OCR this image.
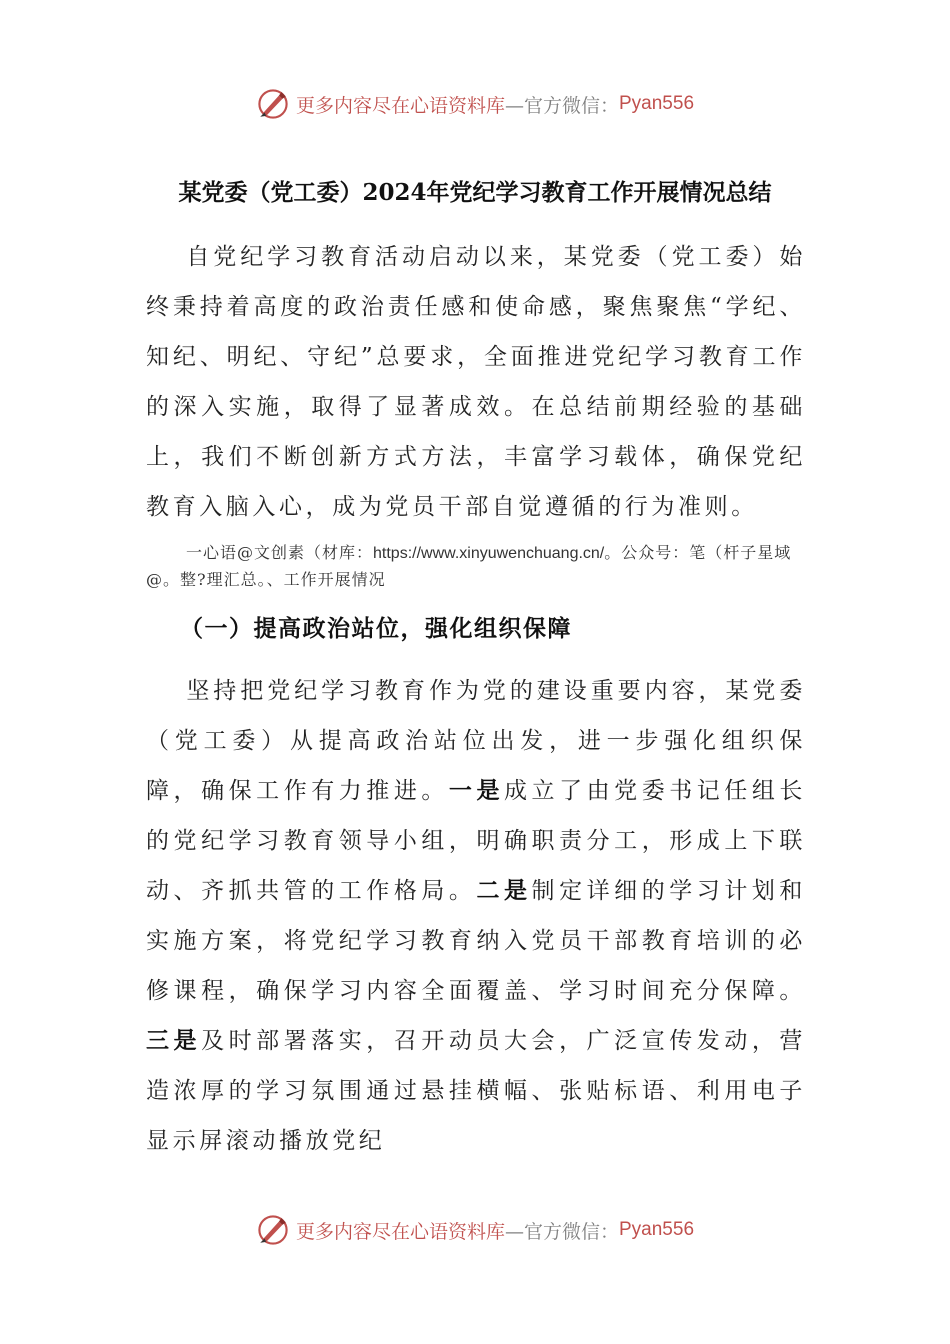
更多内容尽在心语资料库 —官方微信： Pyan556
某党委（党工委）2024年党纪学习教育工作开展情况总结

自党纪学习教育活动启动以来，某党委（党工委）始终秉持着高度的政治责任感和使命感，聚焦聚焦“学纪、知纪、明纪、守纪”总要求，全面推进党纪学习教育工作的深入实施，取得了显著成效。在总结前期经验的基础上，我们不断创新方式方法，丰富学习载体，确保党纪教育入脑入心，成为党员干部自觉遵循的行为准则。

一心语@文创素（材库：https://www.xinyuwenchuang.cn/。公众号：笔（杆子星域@。整?理汇总。、工作开展情况

（一）提高政治站位，强化组织保障

坚持把党纪学习教育作为党的建设重要内容，某党委（党工委）从提高政治站位出发，进一步强化组织保障，确保工作有力推进。一是成立了由党委书记任组长的党纪学习教育领导小组，明确职责分工，形成上下联动、齐抓共管的工作格局。二是制定详细的学习计划和实施方案，将党纪学习教育纳入党员干部教育培训的必修课程，确保学习内容全面覆盖、学习时间充分保障。三是及时部署落实，召开动员大会，广泛宣传发动，营造浓厚的学习氛围通过悬挂横幅、张贴标语、利用电子显示屏滚动播放党纪

更多内容尽在心语资料库 —官方微信： Pyan556
